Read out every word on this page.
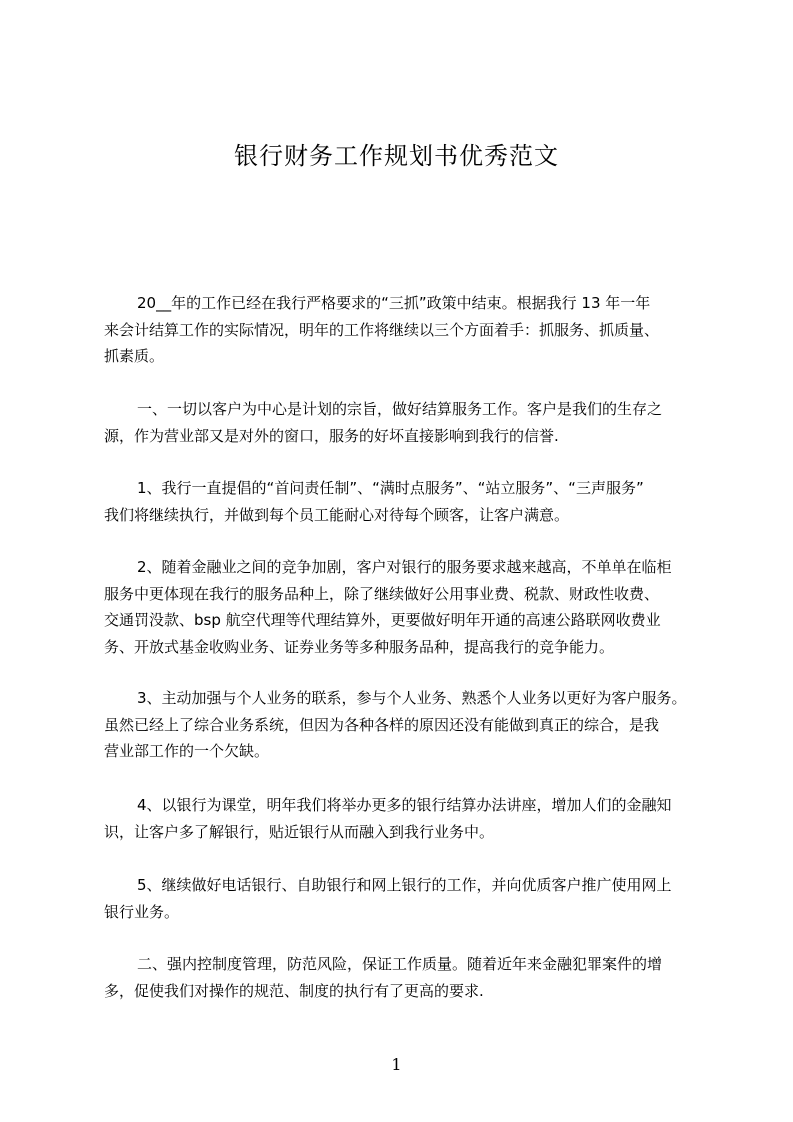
银行财务工作规划书优秀范文

20__年的工作已经在我行严格要求的“三抓”政策中结束。根据我行 13 年一年
来会计结算工作的实际情况，明年的工作将继续以三个方面着手：抓服务、抓质量、
抓素质。

一、一切以客户为中心是计划的宗旨，做好结算服务工作。客户是我们的生存之
源，作为营业部又是对外的窗口，服务的好坏直接影响到我行的信誉.

1、我行一直提倡的“首问责任制”、“满时点服务”、“站立服务”、“三声服务”
我们将继续执行，并做到每个员工能耐心对待每个顾客，让客户满意。

2、随着金融业之间的竞争加剧，客户对银行的服务要求越来越高，不单单在临柜
服务中更体现在我行的服务品种上，除了继续做好公用事业费、税款、财政性收费、
交通罚没款、bsp 航空代理等代理结算外，更要做好明年开通的高速公路联网收费业
务、开放式基金收购业务、证券业务等多种服务品种，提高我行的竞争能力。

3、主动加强与个人业务的联系，参与个人业务、熟悉个人业务以更好为客户服务。
虽然已经上了综合业务系统，但因为各种各样的原因还没有能做到真正的综合，是我
营业部工作的一个欠缺。

4、以银行为课堂，明年我们将举办更多的银行结算办法讲座，增加人们的金融知
识，让客户多了解银行，贴近银行从而融入到我行业务中。

5、继续做好电话银行、自助银行和网上银行的工作，并向优质客户推广使用网上
银行业务。

二、强内控制度管理，防范风险，保证工作质量。随着近年来金融犯罪案件的增
多，促使我们对操作的规范、制度的执行有了更高的要求.

1
